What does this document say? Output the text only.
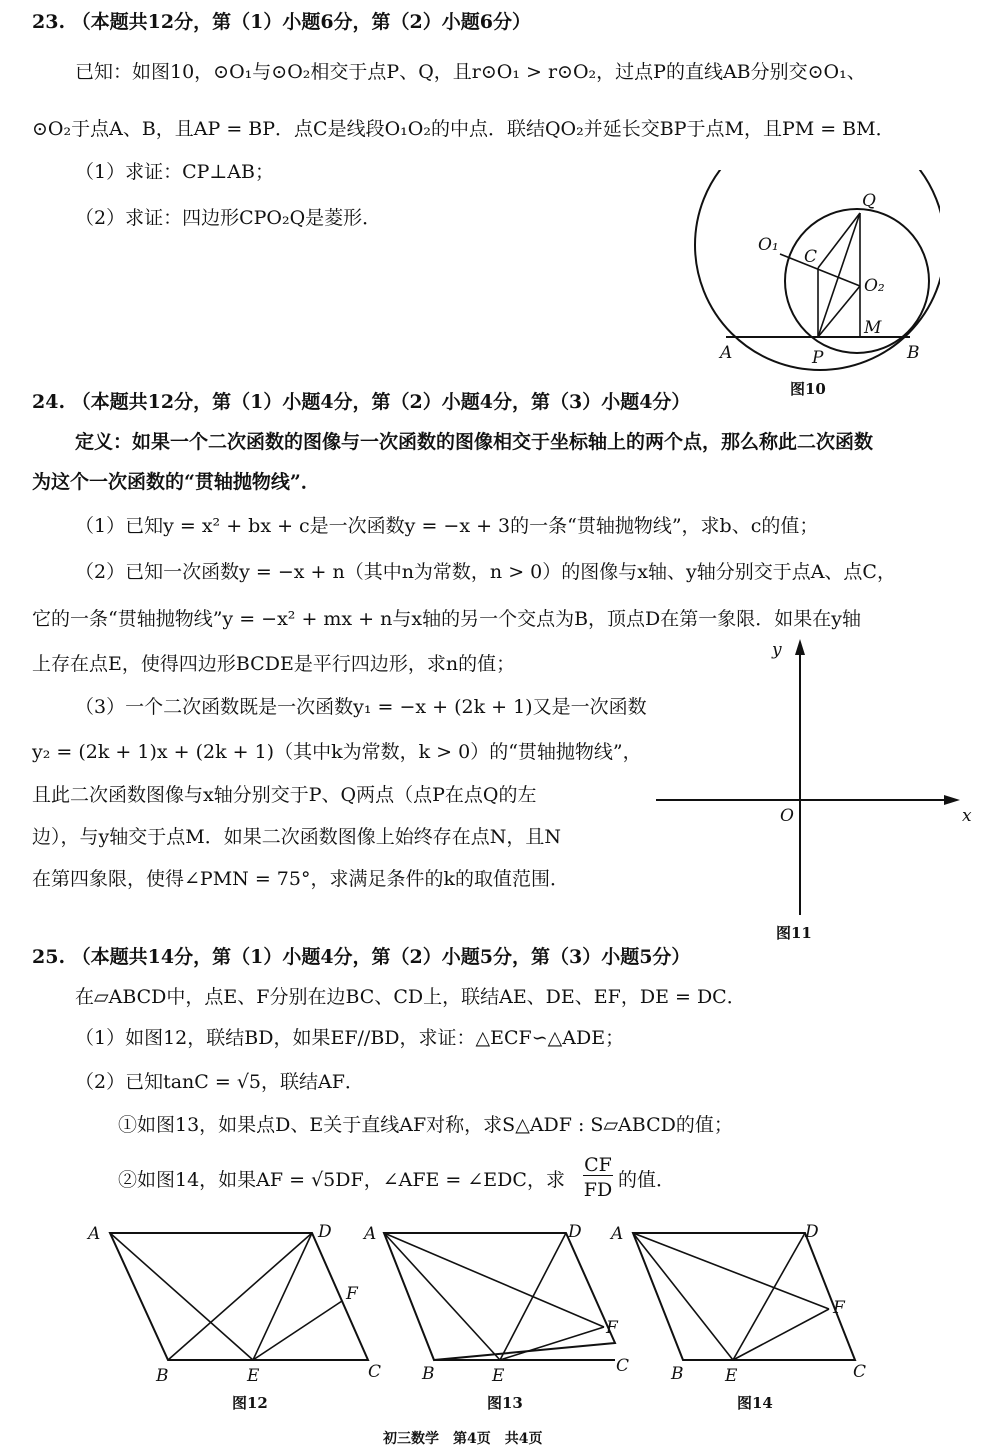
23. （本题共12分，第（1）小题6分，第（2）小题6分）
已知：如图10，⊙O₁与⊙O₂相交于点P、Q，且r⊙O₁ > r⊙O₂，过点P的直线AB分别交⊙O₁、
⊙O₂于点A、B，且AP = BP．点C是线段O₁O₂的中点．联结QO₂并延长交BP于点M，且PM = BM．
（1）求证：CP⊥AB；
（2）求证：四边形CPO₂Q是菱形．
Q
O₁
C
O₂
M
A	P	B
图10
24. （本题共12分，第（1）小题4分，第（2）小题4分，第（3）小题4分）
定义：如果一个二次函数的图像与一次函数的图像相交于坐标轴上的两个点，那么称此二次函数
为这个一次函数的“贯轴抛物线”．
（1）已知y = x² + bx + c是一次函数y = −x + 3的一条“贯轴抛物线”，求b、c的值；
（2）已知一次函数y = −x + n（其中n为常数，n > 0）的图像与x轴、y轴分别交于点A、点C，
它的一条“贯轴抛物线”y = −x² + mx + n与x轴的另一个交点为B，顶点D在第一象限．如果在y轴
上存在点E，使得四边形BCDE是平行四边形，求n的值；
（3）一个二次函数既是一次函数y₁ = −x + (2k + 1)又是一次函数
y₂ = (2k + 1)x + (2k + 1)（其中k为常数，k > 0）的“贯轴抛物线”，
且此二次函数图像与x轴分别交于P、Q两点（点P在点Q的左
边），与y轴交于点M．如果二次函数图像上始终存在点N，且N
在第四象限，使得∠PMN = 75°，求满足条件的k的取值范围．
y
x
O
图11
25. （本题共14分，第（1）小题4分，第（2）小题5分，第（3）小题5分）
在▱ABCD中，点E、F分别在边BC、CD上，联结AE、DE、EF，DE = DC．
（1）如图12，联结BD，如果EF//BD，求证：△ECF∽△ADE；
（2）已知tanC = √5，联结AF．
①如图13，如果点D、E关于直线AF对称，求S△ADF : S▱ABCD的值；
②如图14，如果AF = √5DF，∠AFE = ∠EDC，求
CF
FD 的值．
A	D
F
B	E	C
图12
A	D
F
B	E	C
图13
A	D
F
B E	C
图14
初三数学　第4页　共4页
